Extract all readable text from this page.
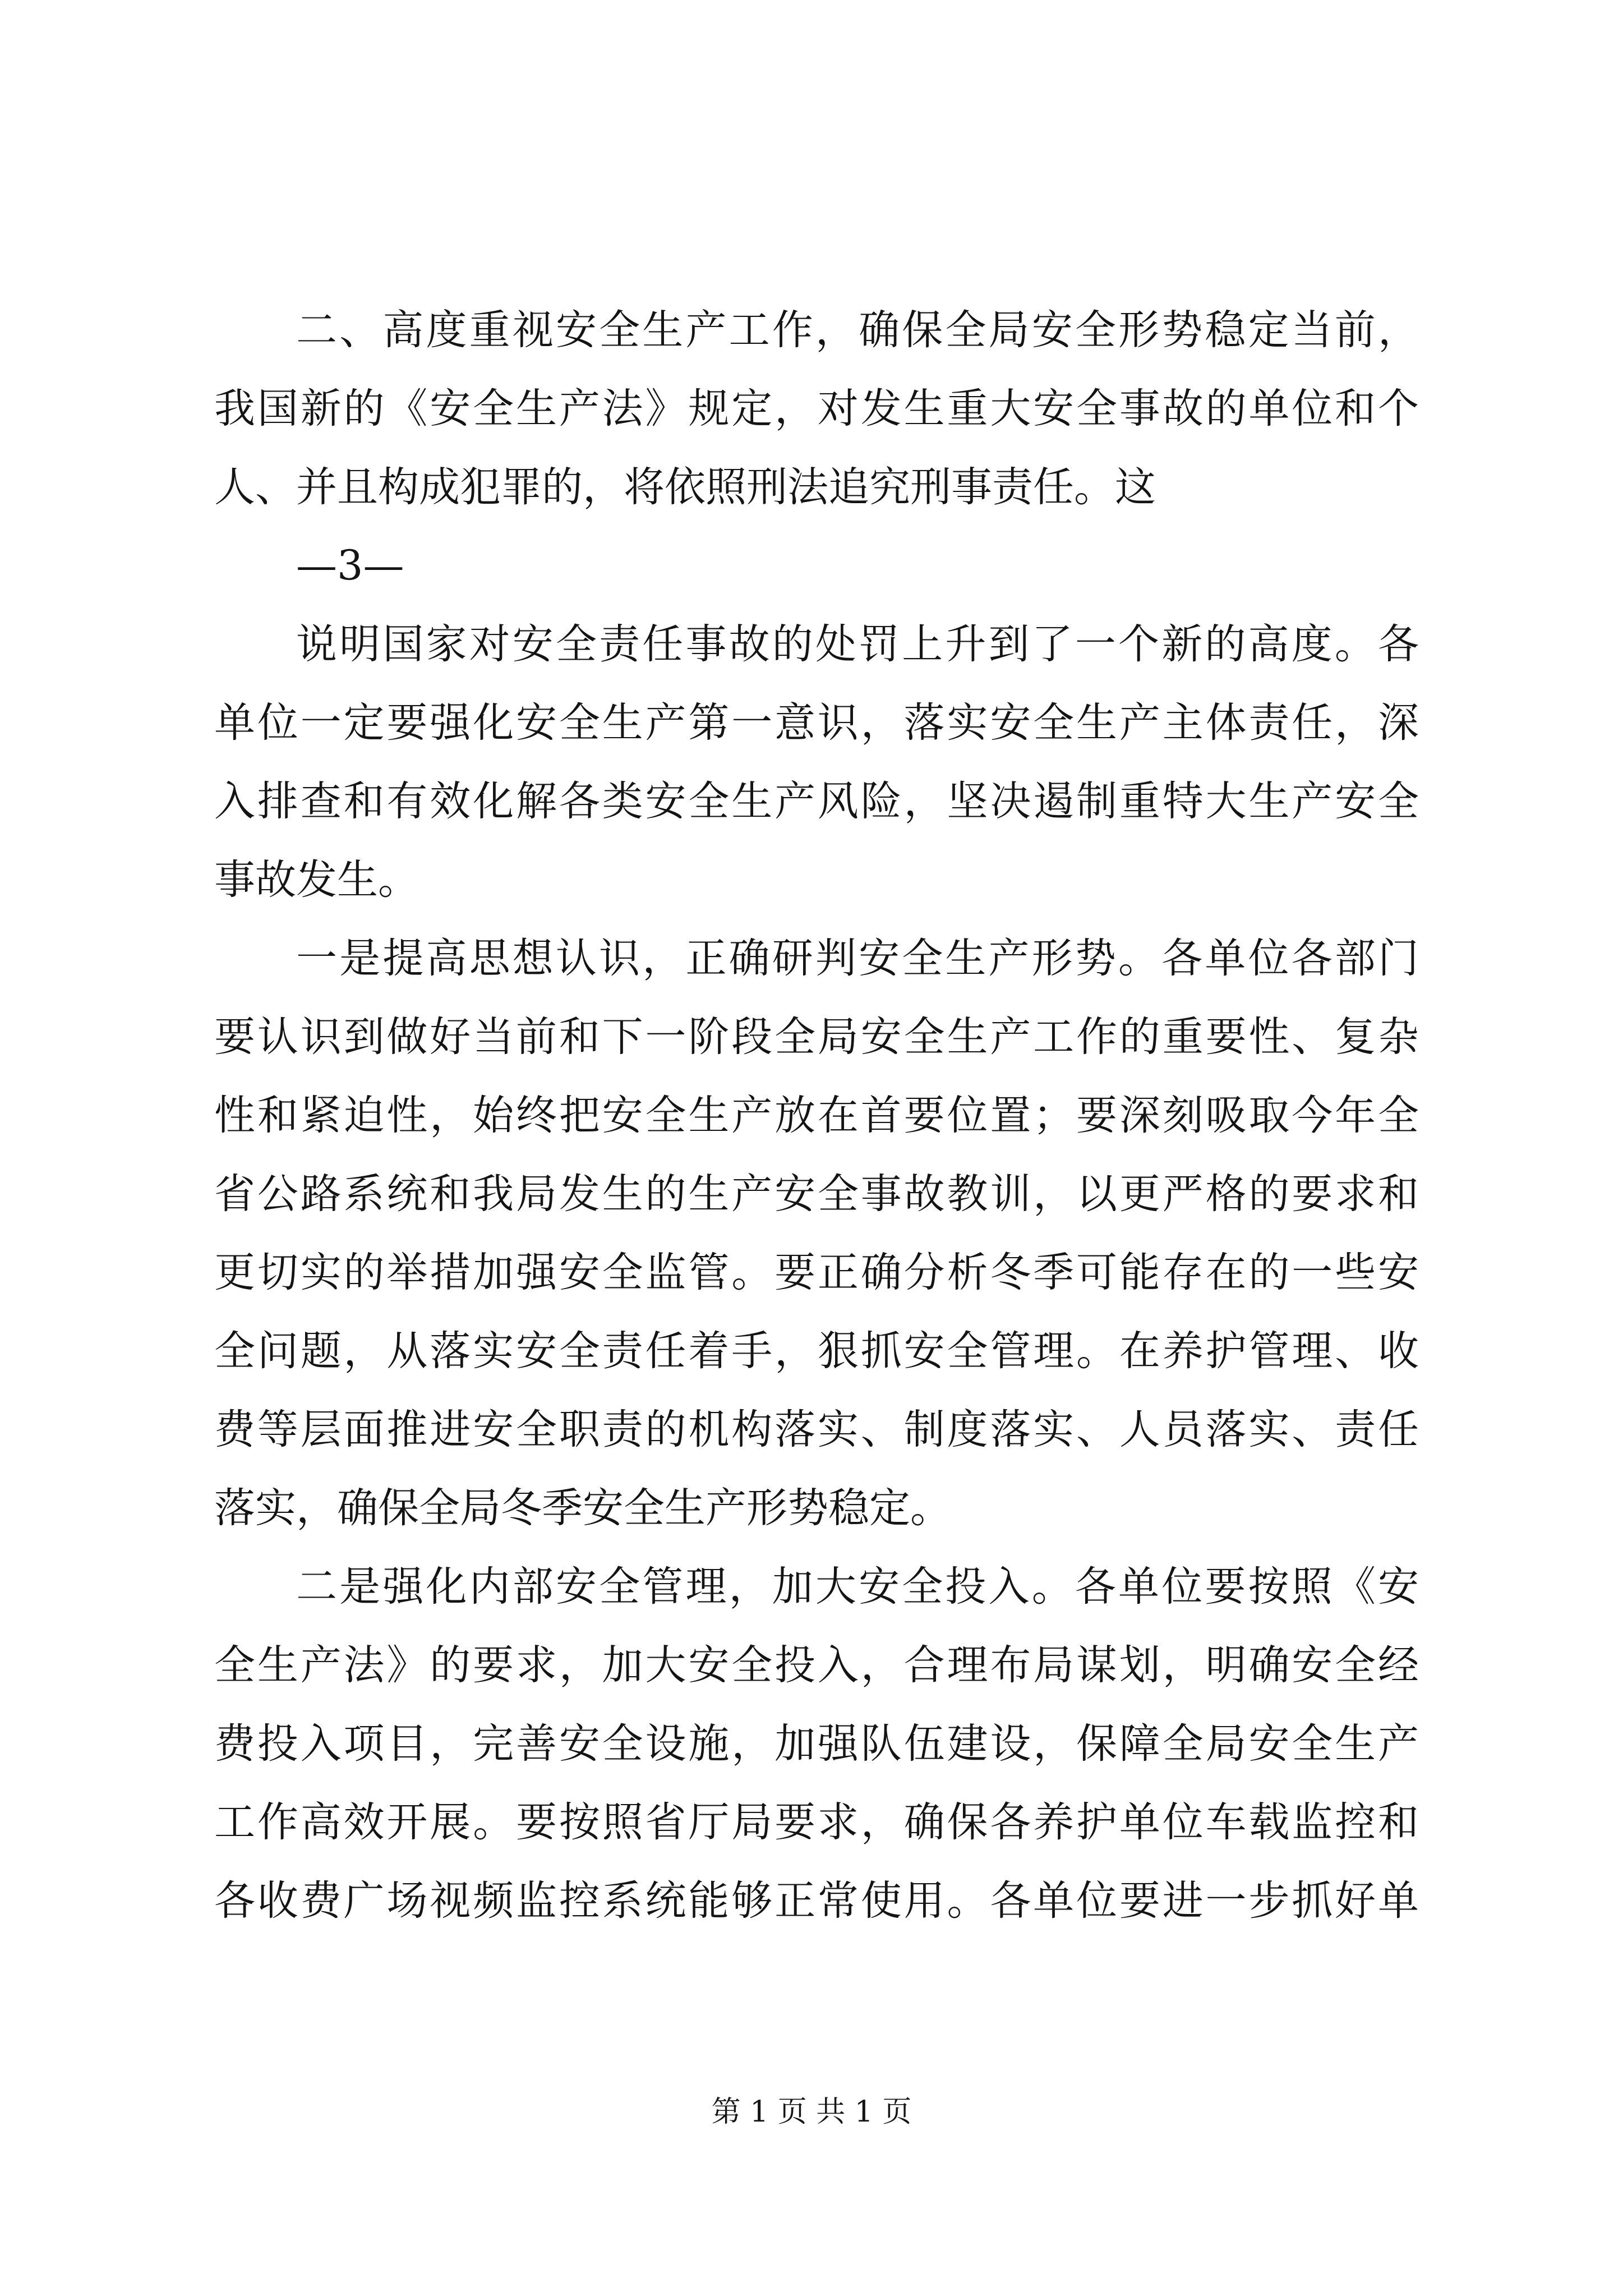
二、高度重视安全生产工作，确保全局安全形势稳定当前，
我国新的《安全生产法》规定，对发生重大安全事故的单位和个
人、并且构成犯罪的，将依照刑法追究刑事责任。这
—3—
说明国家对安全责任事故的处罚上升到了一个新的高度。各
单位一定要强化安全生产第一意识，落实安全生产主体责任，深
入排查和有效化解各类安全生产风险，坚决遏制重特大生产安全
事故发生。
一是提高思想认识，正确研判安全生产形势。各单位各部门
要认识到做好当前和下一阶段全局安全生产工作的重要性、复杂
性和紧迫性，始终把安全生产放在首要位置；要深刻吸取今年全
省公路系统和我局发生的生产安全事故教训，以更严格的要求和
更切实的举措加强安全监管。要正确分析冬季可能存在的一些安
全问题，从落实安全责任着手，狠抓安全管理。在养护管理、收
费等层面推进安全职责的机构落实、制度落实、人员落实、责任
落实，确保全局冬季安全生产形势稳定。
二是强化内部安全管理，加大安全投入。各单位要按照《安
全生产法》的要求，加大安全投入，合理布局谋划，明确安全经
费投入项目，完善安全设施，加强队伍建设，保障全局安全生产
工作高效开展。要按照省厅局要求，确保各养护单位车载监控和
各收费广场视频监控系统能够正常使用。各单位要进一步抓好单
第 1 页 共 1 页
